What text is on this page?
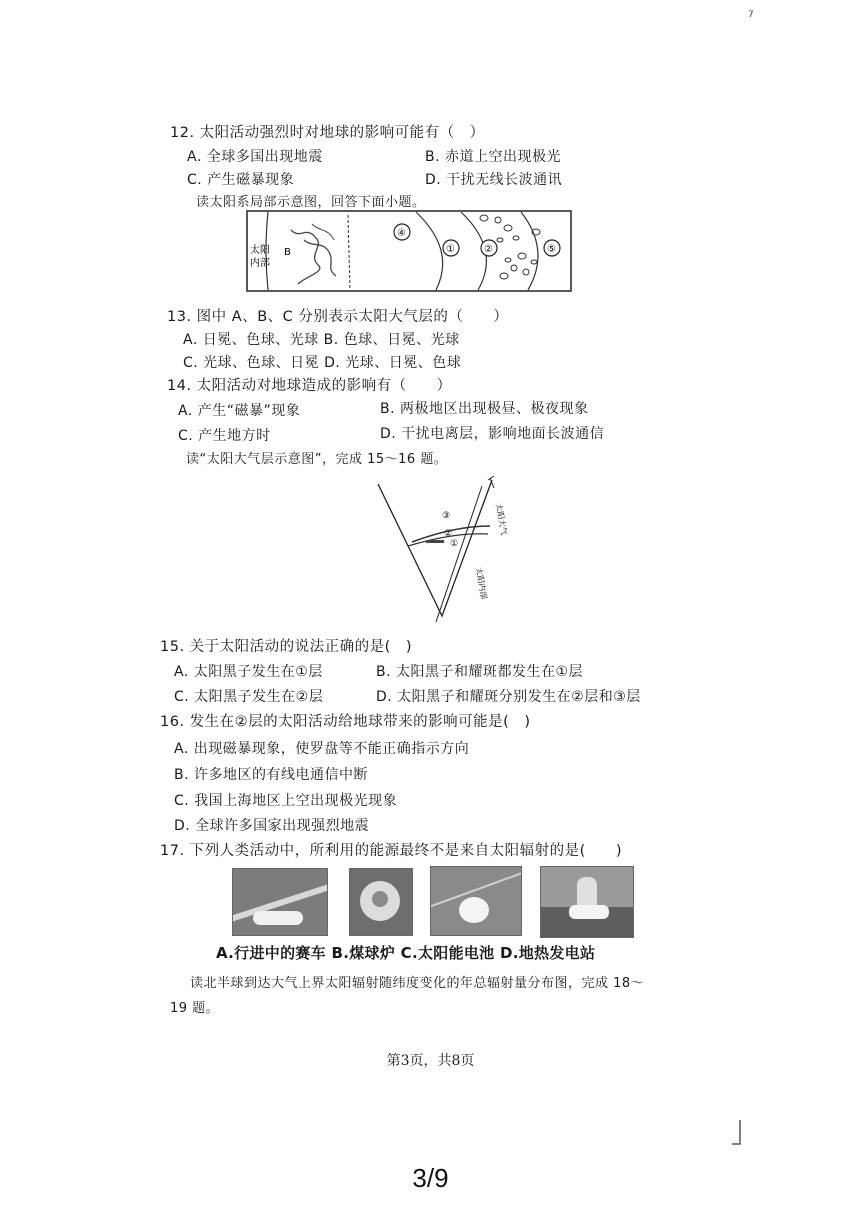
7
12. 太阳活动强烈时对地球的影响可能有（　）
A. 全球多国出现地震	B. 赤道上空出现极光
C. 产生磁暴现象	D. 干扰无线长波通讯
读太阳系局部示意图，回答下面小题。
太阳
内部
B
④
①	②	⑤
13. 图中 A、B、C 分别表示太阳大气层的（　　）
A. 日冕、色球、光球 B. 色球、日冕、光球
C. 光球、色球、日冕 D. 光球、日冕、色球
14. 太阳活动对地球造成的影响有（　　）
A. 产生“磁暴”现象	B. 两极地区出现极昼、极夜现象
C. 产生地方时	D. 干扰电离层，影响地面长波通信
读“太阳大气层示意图”，完成 15～16 题。
③
②
①
太阳大气
太阳内部
15. 关于太阳活动的说法正确的是(　)
A. 太阳黑子发生在①层	B. 太阳黑子和耀斑都发生在①层
C. 太阳黑子发生在②层	D. 太阳黑子和耀斑分别发生在②层和③层
16. 发生在②层的太阳活动给地球带来的影响可能是(　)
A. 出现磁暴现象，使罗盘等不能正确指示方向
B. 许多地区的有线电通信中断
C. 我国上海地区上空出现极光现象
D. 全球许多国家出现强烈地震
17. 下列人类活动中，所利用的能源最终不是来自太阳辐射的是(　　)
A.行进中的赛车 B.煤球炉 C.太阳能电池 D.地热发电站
读北半球到达大气上界太阳辐射随纬度变化的年总辐射量分布图，完成 18～
19 题。
第3页，共8页
3/9
